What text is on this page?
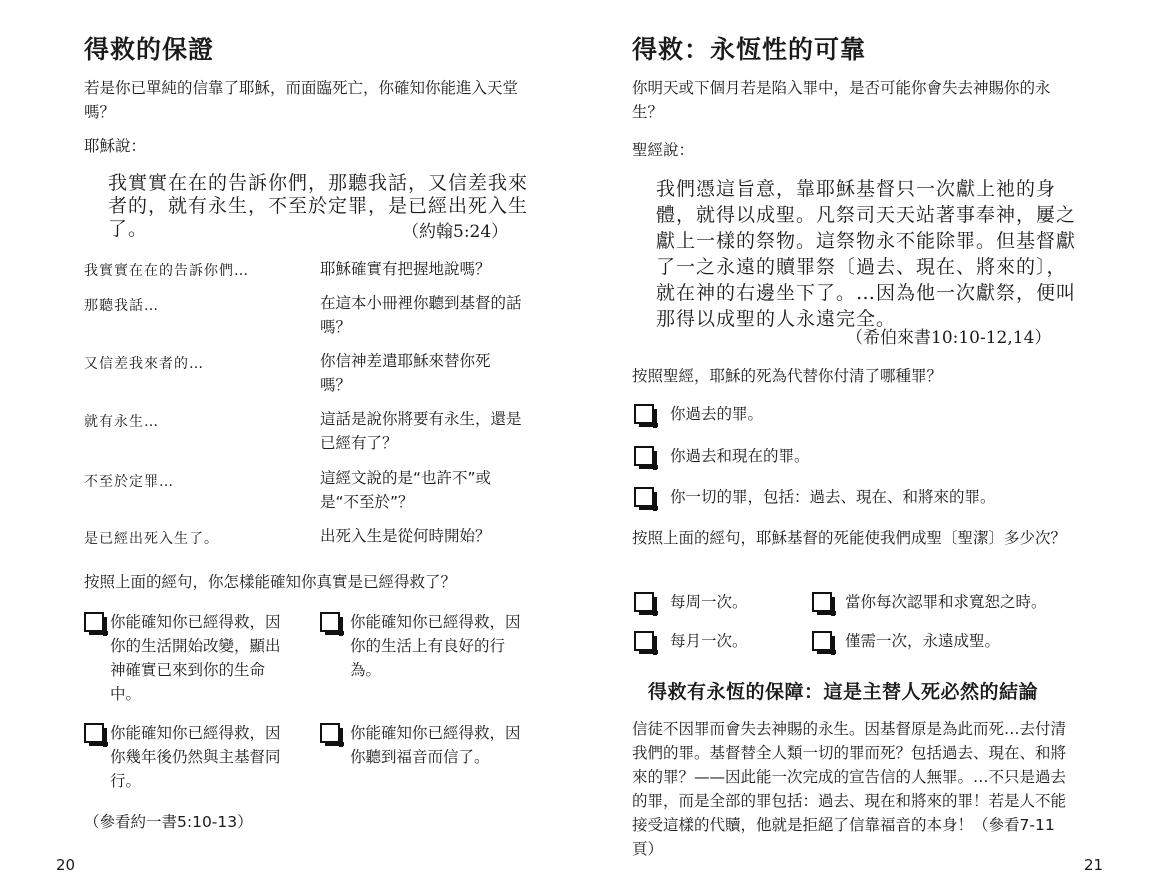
得救的保證
若是你已單純的信靠了耶穌，而面臨死亡，你確知你能進入天堂嗎？
耶穌說：
我實實在在的告訴你們，那聽我話，又信差我來者的，就有永生，不至於定罪，是已經出死入生了。	（約翰5:24）
我實實在在的告訴你們…	耶穌確實有把握地說嗎？
那聽我話…	在這本小冊裡你聽到基督的話嗎？
又信差我來者的…	你信神差遣耶穌來替你死嗎？
就有永生…	這話是說你將要有永生，還是已經有了？
不至於定罪…	這經文說的是“也許不”或是“不至於”？
是已經出死入生了。	出死入生是從何時開始？
按照上面的經句，你怎樣能確知你真實是已經得救了？
你能確知你已經得救，因你的生活開始改變，顯出神確實已來到你的生命中。
你能確知你已經得救，因你的生活上有良好的行為。
你能確知你已經得救，因你幾年後仍然與主基督同行。
你能確知你已經得救，因你聽到福音而信了。
（參看約一書5:10-13）
20
得救：永恆性的可靠
你明天或下個月若是陷入罪中，是否可能你會失去神賜你的永生？
聖經說：
我們憑這旨意，靠耶穌基督只一次獻上祂的身體，就得以成聖。凡祭司天天站著事奉神，屢之獻上一樣的祭物。這祭物永不能除罪。但基督獻了一之永遠的贖罪祭〔過去、現在、將來的〕，就在神的右邊坐下了。…因為他一次獻祭，便叫那得以成聖的人永遠完全。
（希伯來書10:10-12,14）
按照聖經，耶穌的死為代替你付清了哪種罪？
你過去的罪。
你過去和現在的罪。
你一切的罪，包括：過去、現在、和將來的罪。
按照上面的經句，耶穌基督的死能使我們成聖〔聖潔〕多少次？
每周一次。	當你每次認罪和求寬恕之時。
每月一次。	僅需一次，永遠成聖。
得救有永恆的保障：這是主替人死必然的結論
信徒不因罪而會失去神賜的永生。因基督原是為此而死…去付清我們的罪。基督替全人類一切的罪而死？包括過去、現在、和將來的罪？——因此能一次完成的宣告信的人無罪。…不只是過去的罪，而是全部的罪包括：過去、現在和將來的罪！若是人不能接受這樣的代贖，他就是拒絕了信靠福音的本身！（參看7-11頁）
21
